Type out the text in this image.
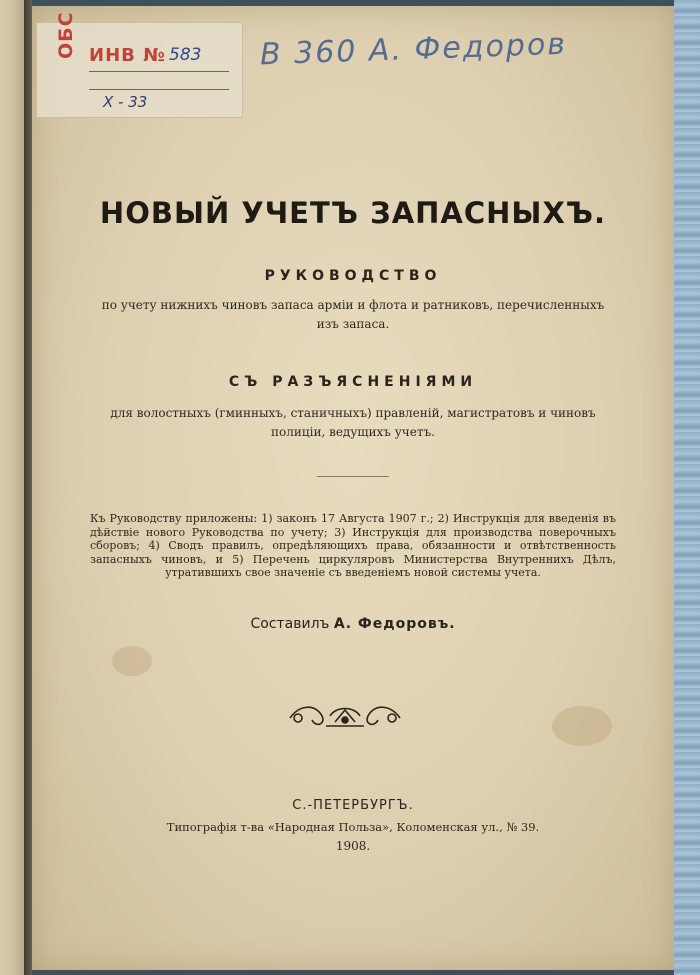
ОБС ИНВ № 583
Х - 33
В 360 А. Федоров
НОВЫЙ УЧЕТЪ ЗАПАСНЫХЪ.
РУКОВОДСТВО
по учету нижнихъ чиновъ запаса арміи и флота и ратниковъ, перечисленныхъ изъ запаса.
СЪ РАЗЪЯСНЕНІЯМИ
для волостныхъ (гминныхъ, станичныхъ) правленій, магистратовъ и чиновъ полиціи, ведущихъ учетъ.
Къ Руководству приложены: 1) законъ 17 Августа 1907 г.; 2) Инструкція для введенія въ дѣйствіе нового Руководства по учету; 3) Инструкція для производства поверочныхъ сборовъ; 4) Сводъ правилъ, опредѣляющихъ права, обязанности и отвѣтственность запасныхъ чиновъ, и 5) Перечень циркуляровъ Министерства Внутреннихъ Дѣлъ, утратившихъ свое значеніе съ введеніемъ новой системы учета.
Составилъ А. Федоровъ.
С.-ПЕТЕРБУРГЪ.
Типографія т-ва «Народная Польза», Коломенская ул., № 39.
1908.
